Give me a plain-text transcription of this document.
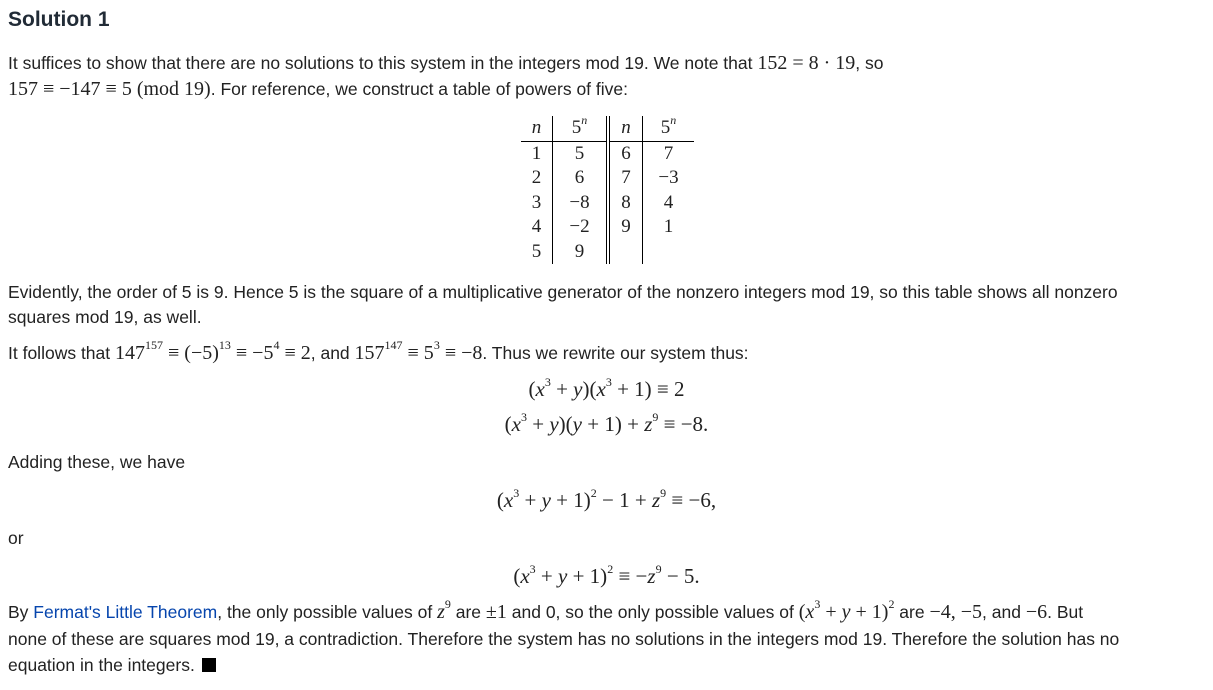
Solution 1
It suffices to show that there are no solutions to this system in the integers mod 19. We note that 152 = 8 · 19, so
157 ≡ −147 ≡ 5 (mod 19). For reference, we construct a table of powers of five:
n	5$^n$	n	5$^n$
1	5	6	7
2	6	7	−3
3	−8	8	4
4	−2	9	1
5	9		
Evidently, the order of 5 is 9. Hence 5 is the square of a multiplicative generator of the nonzero integers mod 19, so this table shows all nonzero
squares mod 19, as well.
It follows that $147^{157} \equiv (-5)^{13} \equiv -5^4 \equiv 2$, and $157^{147} \equiv 5^3 \equiv -8$. Thus we rewrite our system thus:
$(x^3 + y)(x^3 + 1) \equiv 2$
$(x^3 + y)(y + 1) + z^9 \equiv -8$.
Adding these, we have
$(x^3 + y + 1)^2 - 1 + z^9 \equiv -6$,
or
$(x^3 + y + 1)^2 \equiv -z^9 - 5$.
By Fermat's Little Theorem, the only possible values of $z^9$ are ±1 and 0, so the only possible values of $(x^3 + y + 1)^2$ are −4, −5, and −6. But
none of these are squares mod 19, a contradiction. Therefore the system has no solutions in the integers mod 19. Therefore the solution has no
equation in the integers.
